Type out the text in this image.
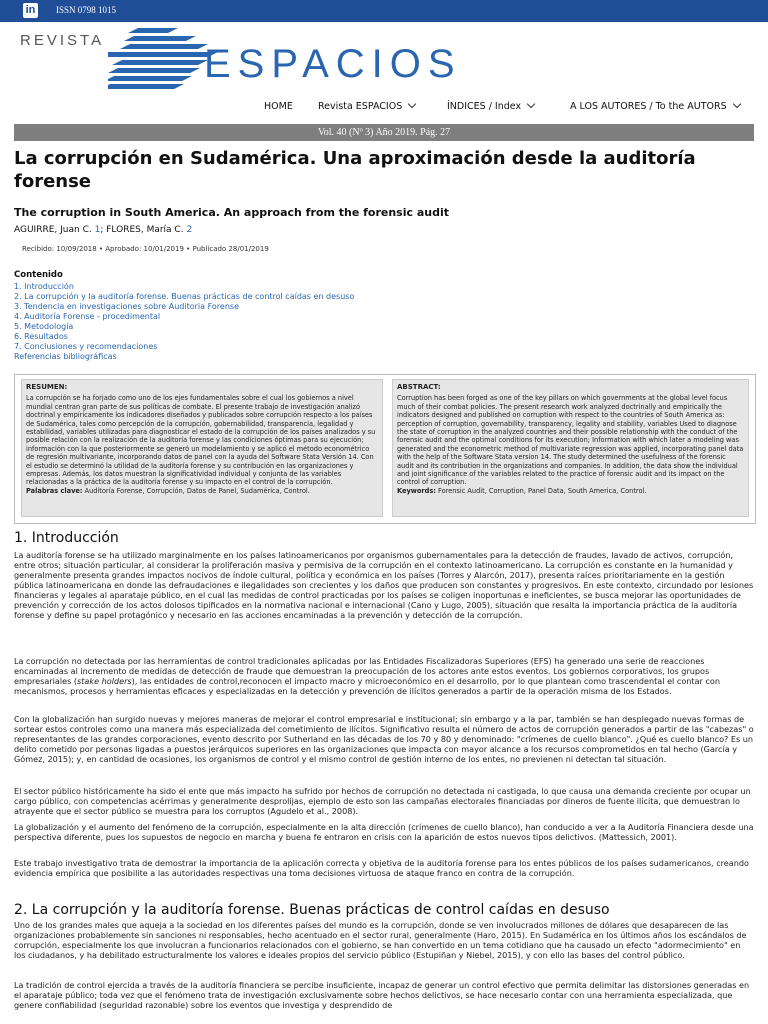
in ISSN 0798 1015
REVISTA
ESPACIOS
HOME	Revista ESPACIOS	ÍNDICES / Index	A LOS AUTORES / To the AUTORS
Vol. 40 (Nº 3) Año 2019. Pág. 27
La corrupción en Sudamérica. Una aproximación desde la auditoría forense
The corruption in South America. An approach from the forensic audit
AGUIRRE, Juan C. 1; FLORES, María C. 2
Recibido: 10/09/2018 • Aprobado: 10/01/2019 • Publicado 28/01/2019
Contenido
1. Introducción
2. La corrupción y la auditoría forense. Buenas prácticas de control caídas en desuso
3. Tendencia en investigaciones sobre Auditoria Forense
4. Auditoría Forense - procedimental
5. Metodología
6. Resultados
7. Conclusiones y recomendaciones
Referencias bibliográficas
RESUMEN:
La corrupción se ha forjado como uno de los ejes fundamentales sobre el cual los gobiernos a nivel mundial centran gran parte de sus políticas de combate. El presente trabajo de investigación analizó doctrinal y empíricamente los indicadores diseñados y publicados sobre corrupción respecto a los países de Sudamérica, tales como percepción de la corrupción, gobernabilidad, transparencia, legalidad y estabilidad, variables utilizadas para diagnosticar el estado de la corrupción de los países analizados y su posible relación con la realización de la auditoría forense y las condiciones óptimas para su ejecución; información con la que posteriormente se generó un modelamiento y se aplicó el método econométrico de regresión multivariante, incorporando datos de panel con la ayuda del Software Stata Versión 14. Con el estudio se determinó la utilidad de la auditoría forense y su contribución en las organizaciones y empresas. Además, los datos muestran la significatividad individual y conjunta de las variables relacionadas a la práctica de la auditoría forense y su impacto en el control de la corrupción.
Palabras clave: Auditoría Forense, Corrupción, Datos de Panel, Sudamérica, Control.
ABSTRACT:
Corruption has been forged as one of the key pillars on which governments at the global level focus much of their combat policies. The present research work analyzed doctrinally and empirically the indicators designed and published on corruption with respect to the countries of South America as: perception of corruption, governability, transparency, legality and stability, variables Used to diagnose the state of corruption in the analyzed countries and their possible relationship with the conduct of the forensic audit and the optimal conditions for its execution; Information with which later a modeling was generated and the econometric method of multivariate regression was applied, incorporating panel data with the help of the Software Stata version 14. The study determined the usefulness of the forensic audit and its contribution in the organizations and companies. In addition, the data show the individual and joint significance of the variables related to the practice of forensic audit and its impact on the control of corruption.
Keywords: Forensic Audit, Corruption, Panel Data, South America, Control.
1. Introducción

La auditoría forense se ha utilizado marginalmente en los países latinoamericanos por organismos gubernamentales para la detección de fraudes, lavado de activos, corrupción, entre otros; situación particular, al considerar la proliferación masiva y permisiva de la corrupción en el contexto latinoamericano. La corrupción es constante en la humanidad y generalmente presenta grandes impactos nocivos de índole cultural, política y económica en los países (Torres y Alarcón, 2017), presenta raíces prioritariamente en la gestión pública latinoamericana en donde las defraudaciones e ilegalidades son crecientes y los daños que producen son constantes y progresivos. En este contexto, circundado por lesiones financieras y legales al aparataje público, en el cual las medidas de control practicadas por los países se coligen inoportunas e ineficientes, se busca mejorar las oportunidades de prevención y corrección de los actos dolosos tipificados en la normativa nacional e internacional (Cano y Lugo, 2005), situación que resalta la importancia práctica de la auditoría forense y define su papel protagónico y necesario en las acciones encaminadas a la prevención y detección de la corrupción.

La corrupción no detectada por las herramientas de control tradicionales aplicadas por las Entidades Fiscalizadoras Superiores (EFS) ha generado una serie de reacciones encaminadas al incremento de medidas de detección de fraude que demuestran la preocupación de los actores ante estos eventos. Los gobiernos corporativos, los grupos empresariales (stake holders), las entidades de control,reconocen el impacto macro y microeconómico en el desarrollo, por lo que plantean como trascendental el contar con mecanismos, procesos y herramientas eficaces y especializadas en la detección y prevención de ilícitos generados a partir de la operación misma de los Estados.

Con la globalización han surgido nuevas y mejores maneras de mejorar el control empresarial e institucional; sin embargo y a la par, también se han desplegado nuevas formas de sortear estos controles como una manera más especializada del cometimiento de ilícitos. Significativo resulta el número de actos de corrupción generados a partir de las "cabezas" o representantes de las grandes corporaciones, evento descrito por Sutherland en las décadas de los 70 y 80 y denominado: "crímenes de cuello blanco". ¿Qué es cuello blanco? Es un delito cometido por personas ligadas a puestos jerárquicos superiores en las organizaciones que impacta con mayor alcance a los recursos comprometidos en tal hecho (García y Gómez, 2015); y, en cantidad de ocasiones, los organismos de control y el mismo control de gestión interno de los entes, no previenen ni detectan tal situación.

El sector público históricamente ha sido el ente que más impacto ha sufrido por hechos de corrupción no detectada ni castigada, lo que causa una demanda creciente por ocupar un cargo público, con competencias acérrimas y generalmente desprolijas, ejemplo de esto son las campañas electorales financiadas por dineros de fuente ilícita, que demuestran lo atrayente que el sector público se muestra para los corruptos (Agudelo et al., 2008).

La globalización y el aumento del fenómeno de la corrupción, especialmente en la alta dirección (crímenes de cuello blanco), han conducido a ver a la Auditoría Financiera desde una perspectiva diferente, pues los supuestos de negocio en marcha y buena fe entraron en crisis con la aparición de estos nuevos tipos delictivos. (Mattessich, 2001).

Este trabajo investigativo trata de demostrar la importancia de la aplicación correcta y objetiva de la auditoría forense para los entes públicos de los países sudamericanos, creando evidencia empírica que posibilite a las autoridades respectivas una toma decisiones virtuosa de ataque franco en contra de la corrupción.

2. La corrupción y la auditoría forense. Buenas prácticas de control caídas en desuso

Uno de los grandes males que aqueja a la sociedad en los diferentes países del mundo es la corrupción, donde se ven involucrados millones de dólares que desaparecen de las organizaciones probablemente sin sanciones ni responsables, hecho acentuado en el sector rural, generalmente (Haro, 2015). En Sudamérica en los últimos años los escándalos de corrupción, especialmente los que involucran a funcionarios relacionados con el gobierno, se han convertido en un tema cotidiano que ha causado un efecto "adormecimiento" en los ciudadanos, y ha debilitado estructuralmente los valores e ideales propios del servicio público (Estupiñan y Niebel, 2015), y con ello las bases del control público.

La tradición de control ejercida a través de la auditoría financiera se percibe insuficiente, incapaz de generar un control efectivo que permita delimitar las distorsiones generadas en el aparataje público; toda vez que el fenómeno trata de investigación exclusivamente sobre hechos delictivos, se hace necesario contar con una herramienta especializada, que genere confiabilidad (seguridad razonable) sobre los eventos que investiga y desprendido de
